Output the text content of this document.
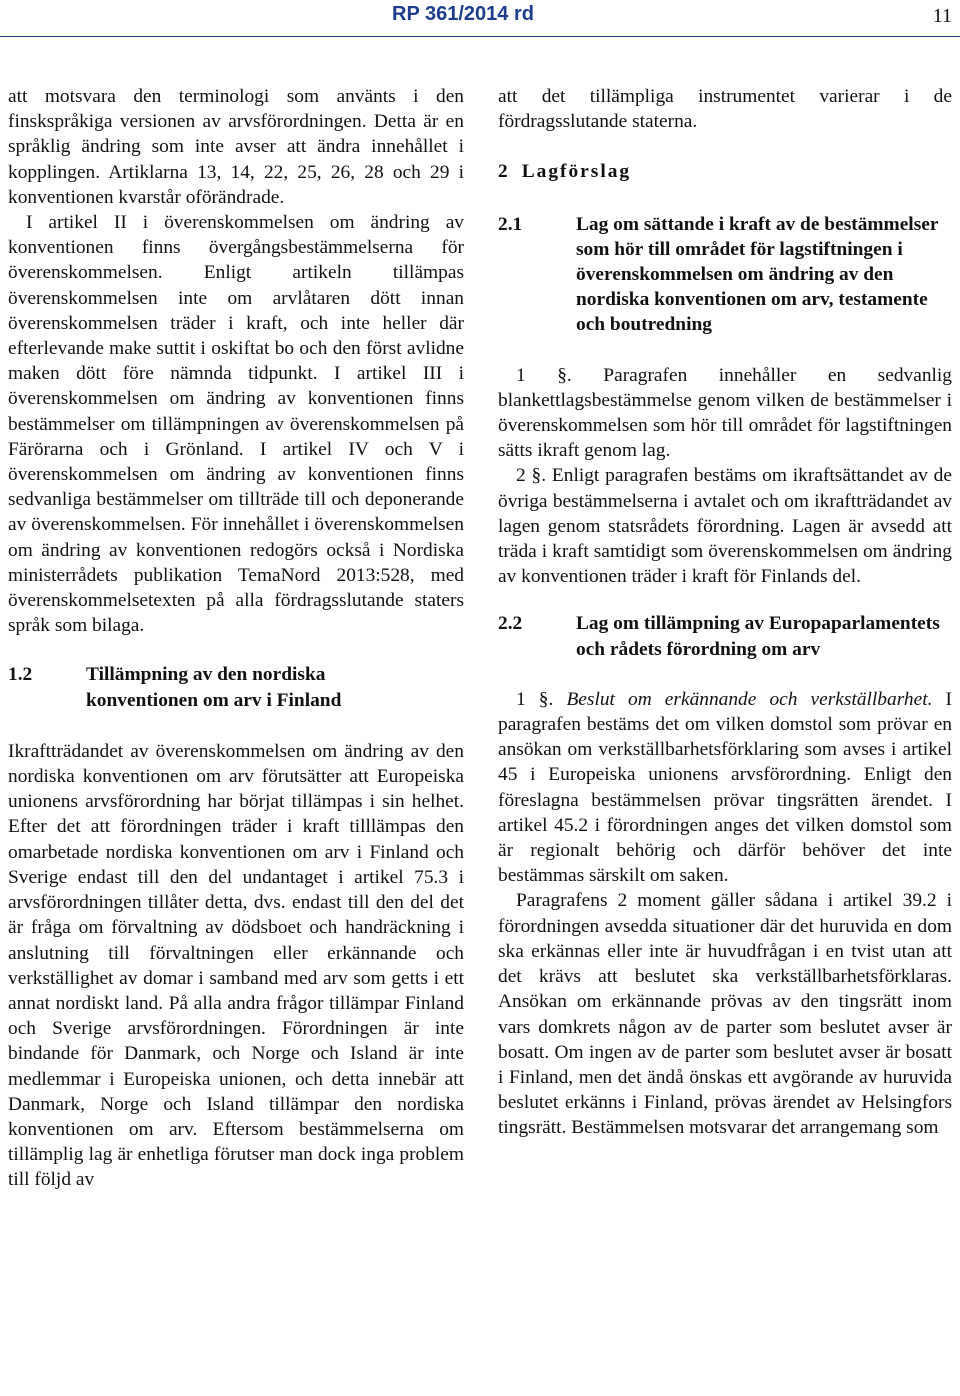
RP 361/2014 rd	11

att motsvara den terminologi som använts i den finskspråkiga versionen av arvsförordningen. Detta är en språklig ändring som inte avser att ändra innehållet i kopplingen. Artiklarna 13, 14, 22, 25, 26, 28 och 29 i konventionen kvarstår oförändrade.

I artikel II i överenskommelsen om ändring av konventionen finns övergångsbestämmelserna för överenskommelsen. Enligt artikeln tillämpas överenskommelsen inte om arvlåtaren dött innan överenskommelsen träder i kraft, och inte heller där efterlevande make suttit i oskiftat bo och den först avlidne maken dött före nämnda tidpunkt. I artikel III i överenskommelsen om ändring av konventionen finns bestämmelser om tillämpningen av överenskommelsen på Färörarna och i Grönland. I artikel IV och V i överenskommelsen om ändring av konventionen finns sedvanliga bestämmelser om tillträde till och deponerande av överenskommelsen. För innehållet i överenskommelsen om ändring av konventionen redogörs också i Nordiska ministerrådets publikation TemaNord 2013:528, med överenskommelsetexten på alla fördragsslutande staters språk som bilaga.

1.2	Tillämpning av den nordiska konventionen om arv i Finland

Ikraftträdandet av överenskommelsen om ändring av den nordiska konventionen om arv förutsätter att Europeiska unionens arvsförordning har börjat tillämpas i sin helhet. Efter det att förordningen träder i kraft tilllämpas den omarbetade nordiska konventionen om arv i Finland och Sverige endast till den del undantaget i artikel 75.3 i arvsförordningen tillåter detta, dvs. endast till den del det är fråga om förvaltning av dödsboet och handräckning i anslutning till förvaltningen eller erkännande och verkställighet av domar i samband med arv som getts i ett annat nordiskt land. På alla andra frågor tillämpar Finland och Sverige arvsförordningen. Förordningen är inte bindande för Danmark, och Norge och Island är inte medlemmar i Europeiska unionen, och detta innebär att Danmark, Norge och Island tillämpar den nordiska konventionen om arv. Eftersom bestämmelserna om tillämplig lag är enhetliga förutser man dock inga problem till följd av

att det tillämpliga instrumentet varierar i de fördragsslutande staterna.

2 Lagförslag
2.1	Lag om sättande i kraft av de bestämmelser som hör till området för lagstiftningen i överenskommelsen om ändring av den nordiska konventionen om arv, testamente och boutredning

1 §. Paragrafen innehåller en sedvanlig blankettlagsbestämmelse genom vilken de bestämmelser i överenskommelsen som hör till området för lagstiftningen sätts ikraft genom lag.

2 §. Enligt paragrafen bestäms om ikraftsättandet av de övriga bestämmelserna i avtalet och om ikraftträdandet av lagen genom statsrådets förordning. Lagen är avsedd att träda i kraft samtidigt som överenskommelsen om ändring av konventionen träder i kraft för Finlands del.

2.2	Lag om tillämpning av Europaparlamentets och rådets förordning om arv

1 §. Beslut om erkännande och verkställbarhet. I paragrafen bestäms det om vilken domstol som prövar en ansökan om verkställbarhetsförklaring som avses i artikel 45 i Europeiska unionens arvsförordning. Enligt den föreslagna bestämmelsen prövar tingsrätten ärendet. I artikel 45.2 i förordningen anges det vilken domstol som är regionalt behörig och därför behöver det inte bestämmas särskilt om saken.

Paragrafens 2 moment gäller sådana i artikel 39.2 i förordningen avsedda situationer där det huruvida en dom ska erkännas eller inte är huvudfrågan i en tvist utan att det krävs att beslutet ska verkställbarhetsförklaras. Ansökan om erkännande prövas av den tingsrätt inom vars domkrets någon av de parter som beslutet avser är bosatt. Om ingen av de parter som beslutet avser är bosatt i Finland, men det ändå önskas ett avgörande av huruvida beslutet erkänns i Finland, prövas ärendet av Helsingfors tingsrätt. Bestämmelsen motsvarar det arrangemang som
